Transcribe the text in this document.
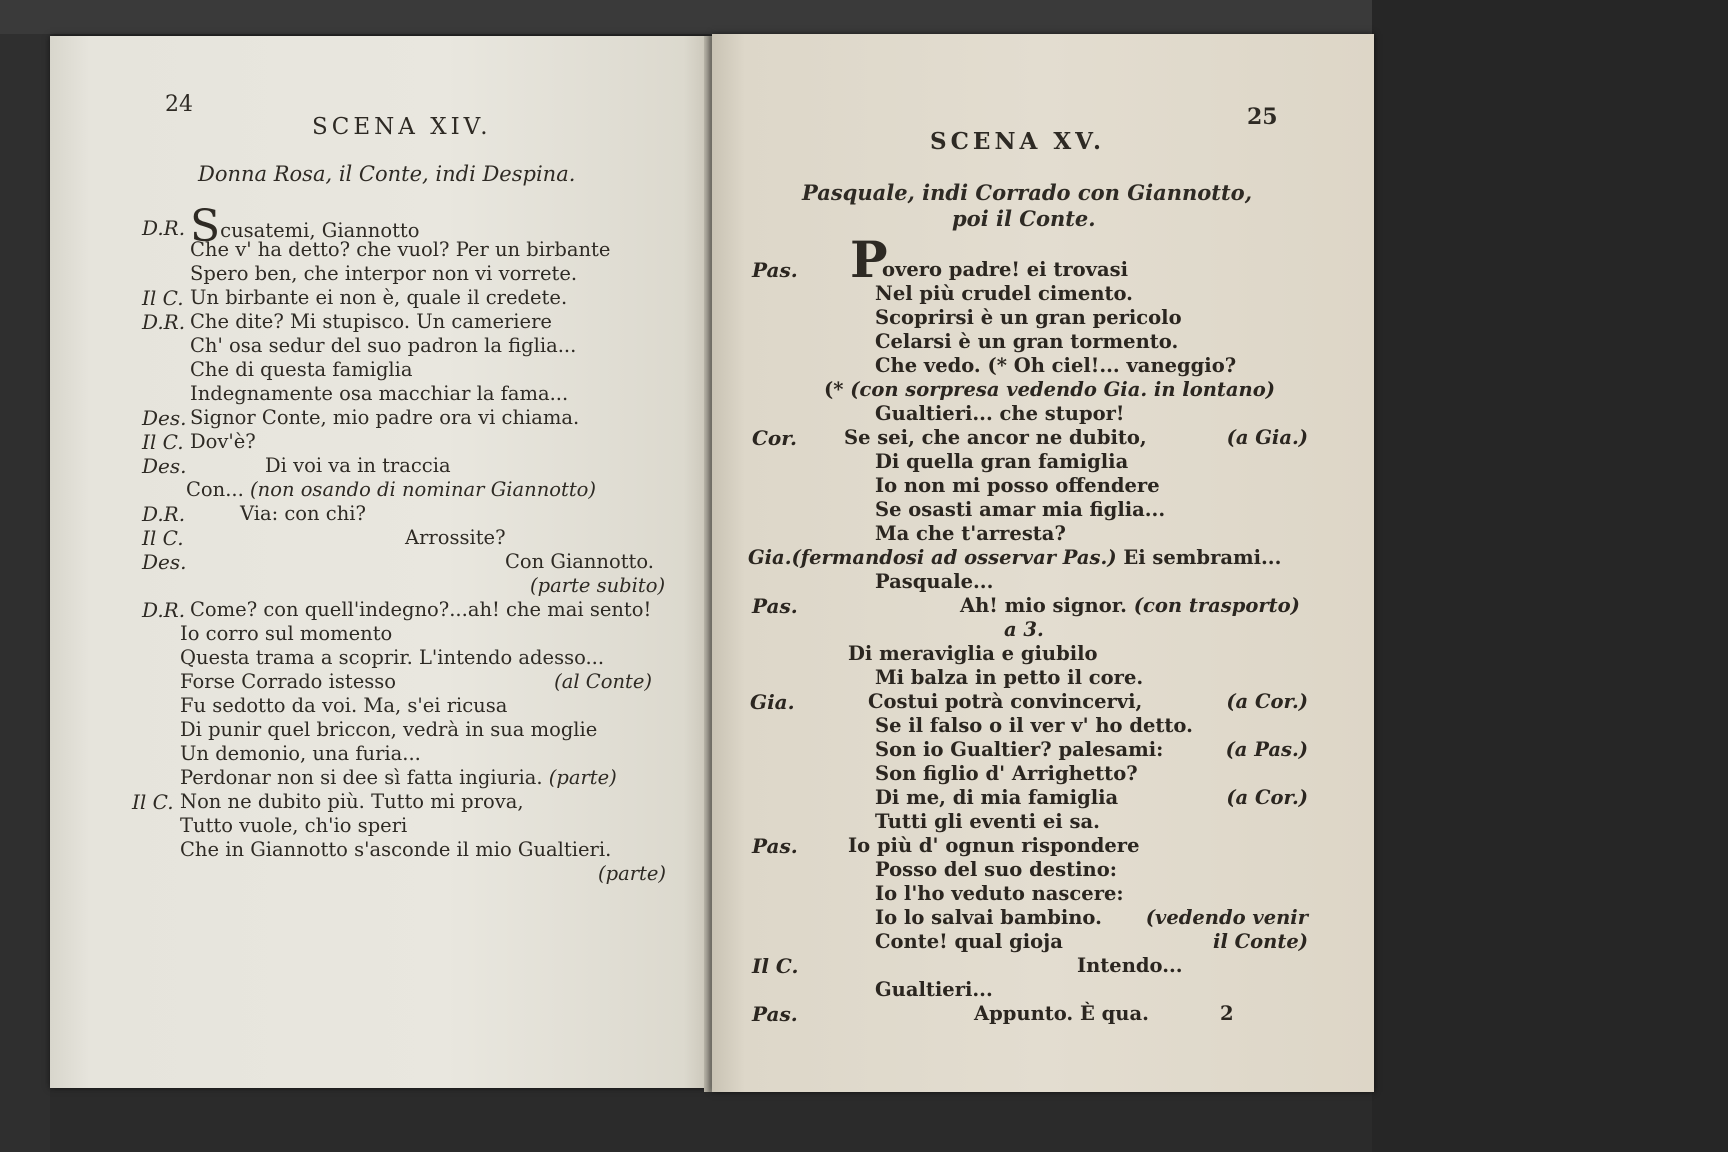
24
SCENA XIV.
Donna Rosa, il Conte, indi Despina.
D.R. Scusatemi, Giannotto
Che v' ha detto? che vuol? Per un birbante
Spero ben, che interpor non vi vorrete.
Il C. Un birbante ei non è, quale il credete.
D.R. Che dite? Mi stupisco. Un cameriere
Ch' osa sedur del suo padron la figlia...
Che di questa famiglia
Indegnamente osa macchiar la fama...
Des. Signor Conte, mio padre ora vi chiama.
Il C. Dov'è?
Des.	Di voi va in traccia
Con... (non osando di nominar Giannotto)
D.R.	Via: con chi?
Il C.	Arrossite?
Des.	Con Giannotto.
(parte subito)
D.R. Come? con quell'indegno?...ah! che mai sento!
Io corro sul momento
Questa trama a scoprir. L'intendo adesso...
Forse Corrado istesso	(al Conte)
Fu sedotto da voi. Ma, s'ei ricusa
Di punir quel briccon, vedrà in sua moglie
Un demonio, una furia...
Perdonar non si dee sì fatta ingiuria. (parte)
Il C. Non ne dubito più. Tutto mi prova,
Tutto vuole, ch'io speri
Che in Giannotto s'asconde il mio Gualtieri.
(parte)
25
SCENA XV.
Pasquale, indi Corrado con Giannotto,
poi il Conte.
Pas. P
overo padre! ei trovasi
Nel più crudel cimento.
Scoprirsi è un gran pericolo
Celarsi è un gran tormento.
Che vedo. (* Oh ciel!... vaneggio?
(* (con sorpresa vedendo Gia. in lontano)
Gualtieri... che stupor!
Cor. Se sei, che ancor ne dubito,	(a Gia.)
Di quella gran famiglia
Io non mi posso offendere
Se osasti amar mia figlia...
Ma che t'arresta?
Gia.(fermandosi ad osservar Pas.) Ei sembrami...
Pasquale...
Pas.	Ah! mio signor. (con trasporto)
a 3.
Di meraviglia e giubilo
Mi balza in petto il core.
Gia.	Costui potrà convincervi,	(a Cor.)
Se il falso o il ver v' ho detto.
Son io Gualtier? palesami:	(a Pas.)
Son figlio d' Arrighetto?
Di me, di mia famiglia	(a Cor.)
Tutti gli eventi ei sa.
Pas.	Io più d' ognun rispondere
Posso del suo destino:
Io l'ho veduto nascere:
Io lo salvai bambino. (vedendo venir
Conte! qual gioja	il Conte)
Il C.	Intendo...
Gualtieri...
Pas.	Appunto. È qua.	2
